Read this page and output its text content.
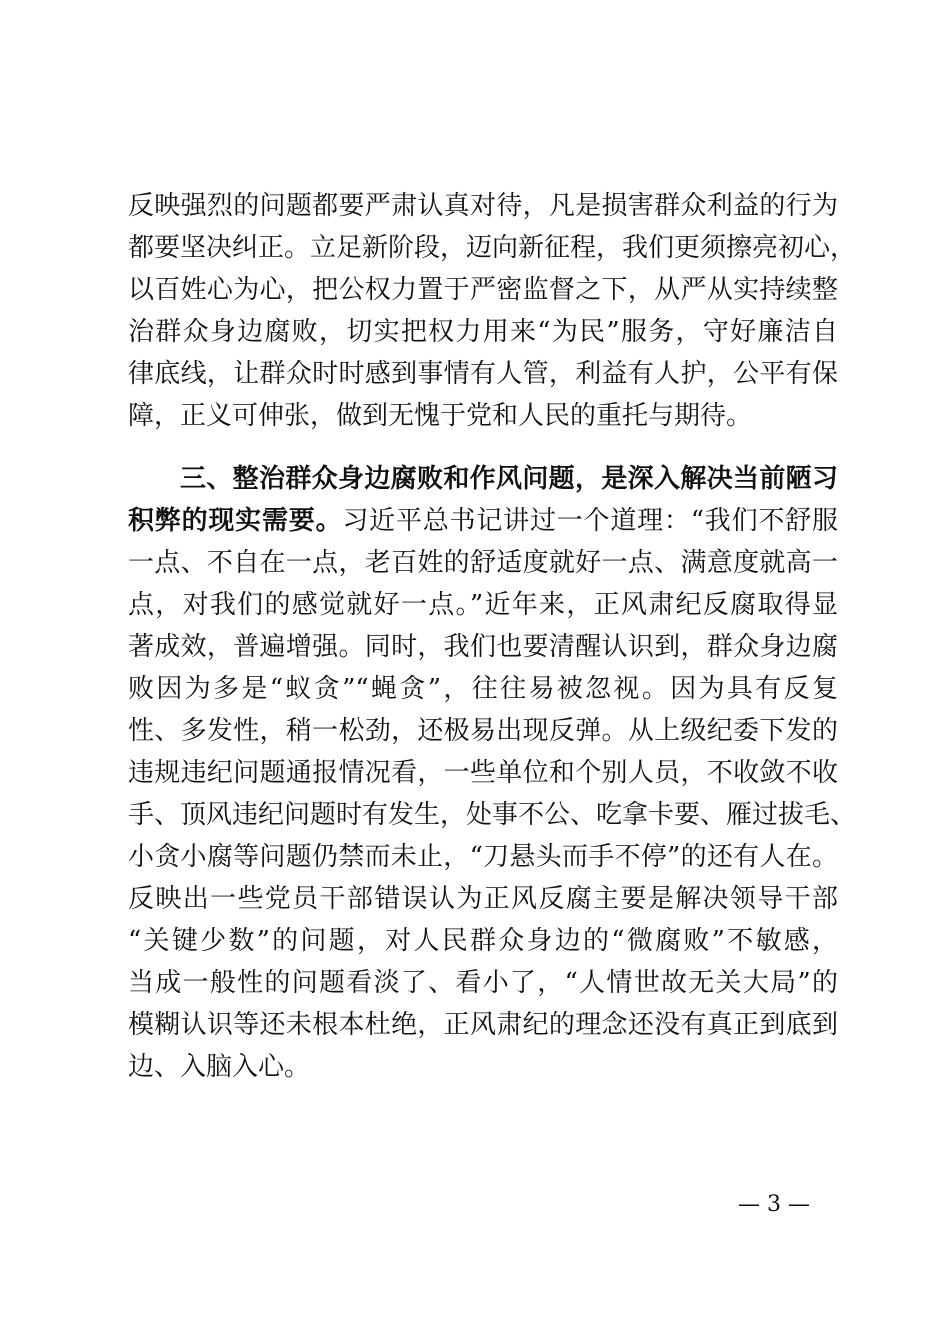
反映强烈的问题都要严肃认真对待，凡是损害群众利益的行为
都要坚决纠正。立足新阶段，迈向新征程，我们更须擦亮初心，
以百姓心为心，把公权力置于严密监督之下，从严从实持续整
治群众身边腐败，切实把权力用来“为民”服务，守好廉洁自
律底线，让群众时时感到事情有人管，利益有人护，公平有保
障，正义可伸张，做到无愧于党和人民的重托与期待。
三、整治群众身边腐败和作风问题，是深入解决当前陋习
积弊的现实需要。习近平总书记讲过一个道理：“我们不舒服
一点、不自在一点，老百姓的舒适度就好一点、满意度就高一
点，对我们的感觉就好一点。”近年来，正风肃纪反腐取得显
著成效，普遍增强。同时，我们也要清醒认识到，群众身边腐
败因为多是“蚁贪”“蝇贪”，往往易被忽视。因为具有反复
性、多发性，稍一松劲，还极易出现反弹。从上级纪委下发的
违规违纪问题通报情况看，一些单位和个别人员，不收敛不收
手、顶风违纪问题时有发生，处事不公、吃拿卡要、雁过拔毛、
小贪小腐等问题仍禁而未止，“刀悬头而手不停”的还有人在。
反映出一些党员干部错误认为正风反腐主要是解决领导干部
“关键少数”的问题，对人民群众身边的“微腐败”不敏感，
当成一般性的问题看淡了、看小了，“人情世故无关大局”的
模糊认识等还未根本杜绝，正风肃纪的理念还没有真正到底到
边、入脑入心。
— 3 —
